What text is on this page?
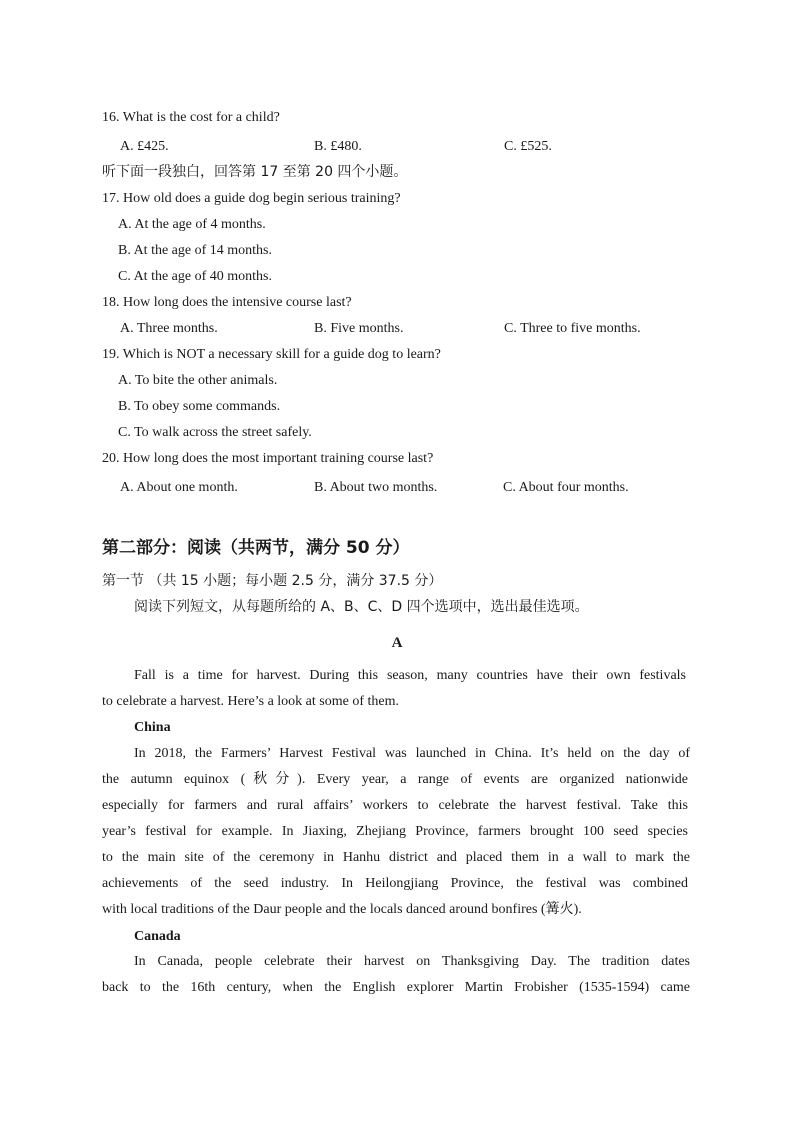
16. What is the cost for a child?
A. £425.	B. £480.	C. £525.
听下面一段独白，回答第 17 至第 20 四个小题。
17. How old does a guide dog begin serious training?
A. At the age of 4 months.
B. At the age of 14 months.
C. At the age of 40 months.
18. How long does the intensive course last?
A. Three months.	B. Five months.	C. Three to five months.
19. Which is NOT a necessary skill for a guide dog to learn?
A. To bite the other animals.
B. To obey some commands.
C. To walk across the street safely.
20. How long does the most important training course last?
A. About one month.	B. About two months.	C. About four months.
第二部分：阅读（共两节，满分 50 分）
第一节 （共 15 小题；每小题 2.5 分，满分 37.5 分）
阅读下列短文，从每题所给的 A、B、C、D 四个选项中，选出最佳选项。
A
Fall is a time for harvest. During this season, many countries have their own festivals
to celebrate a harvest. Here’s a look at some of them.
China
In 2018, the Farmers’ Harvest Festival was launched in China. It’s held on the day of
the autumn equinox (秋分). Every year, a range of events are organized nationwide
especially for farmers and rural affairs’ workers to celebrate the harvest festival. Take this
year’s festival for example. In Jiaxing, Zhejiang Province, farmers brought 100 seed species
to the main site of the ceremony in Hanhu district and placed them in a wall to mark the
achievements of the seed industry. In Heilongjiang Province, the festival was combined
with local traditions of the Daur people and the locals danced around bonfires (篝火).
Canada
In Canada, people celebrate their harvest on Thanksgiving Day. The tradition dates
back to the 16th century, when the English explorer Martin Frobisher (1535-1594) came
